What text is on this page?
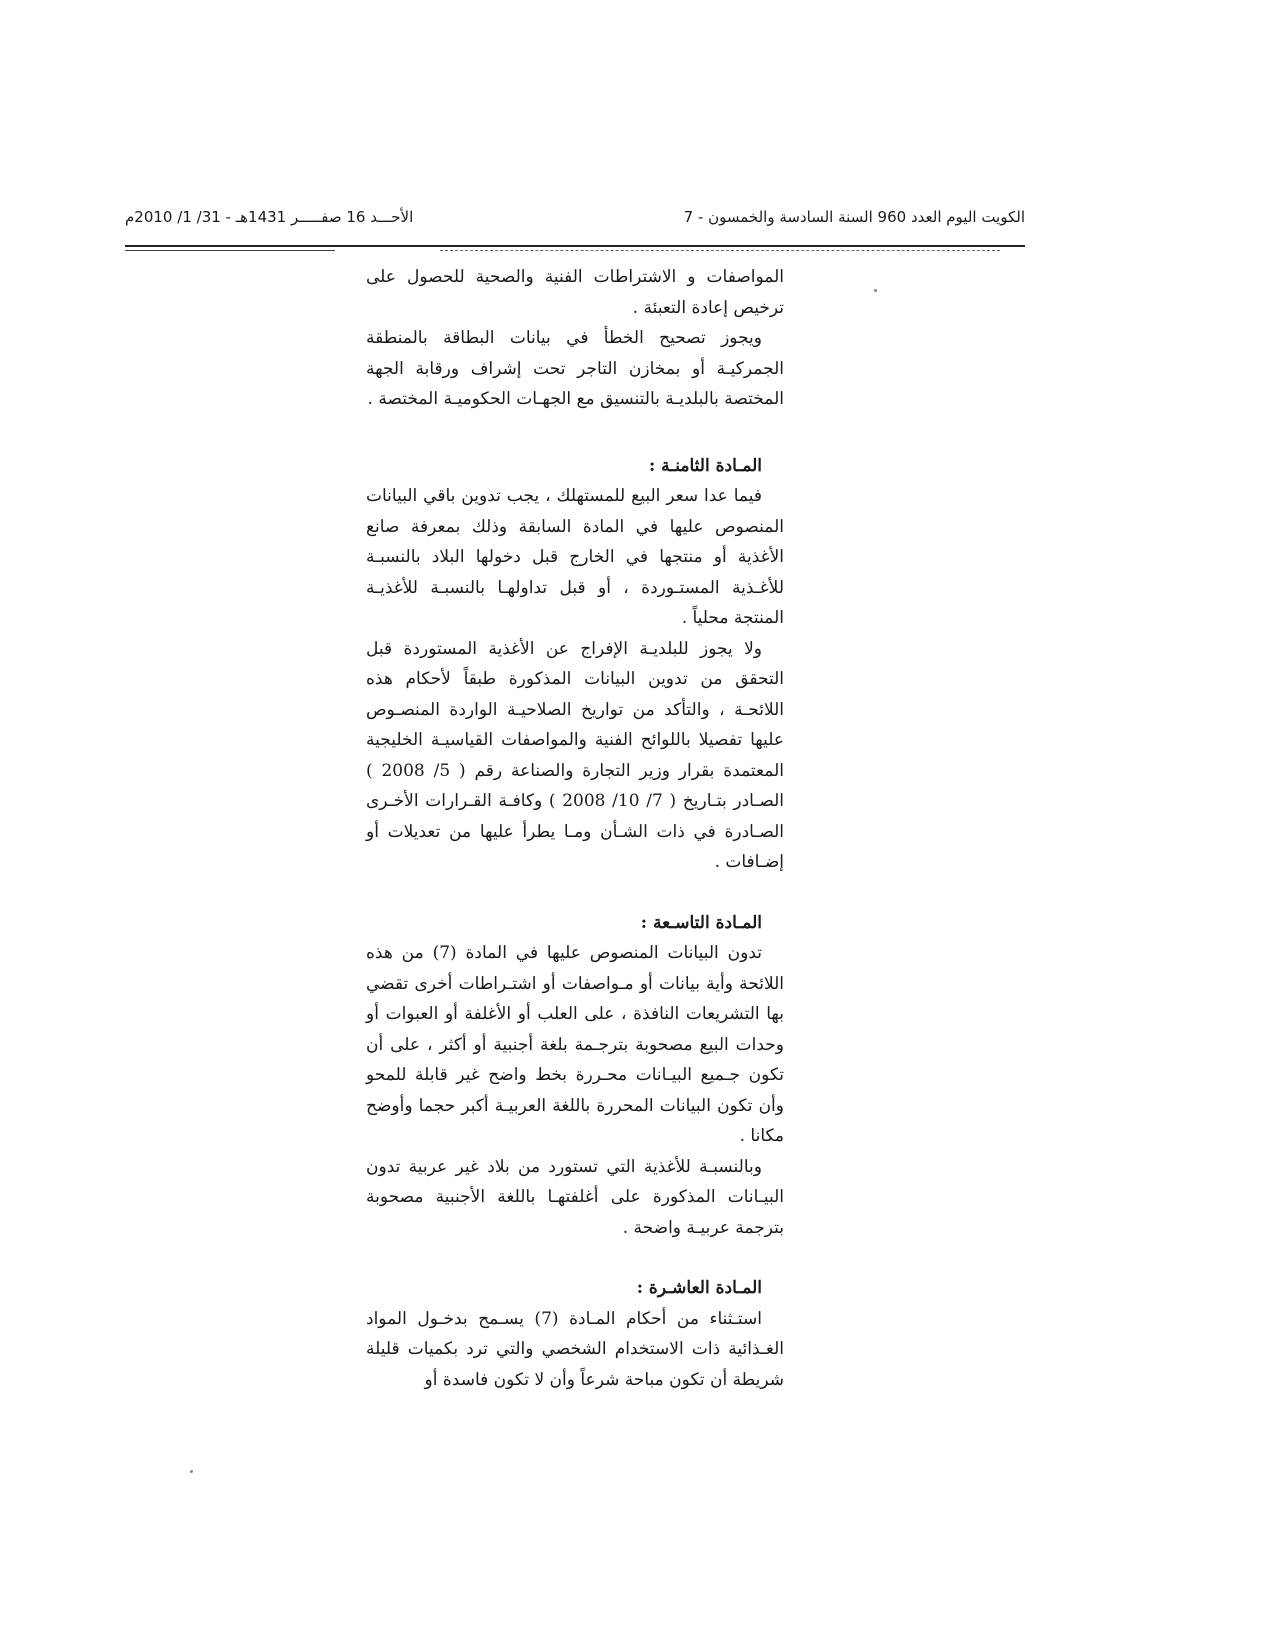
الكويت اليوم العدد 960 السنة السادسة والخمسون - 7
الأحـــد 16 صفـــــر 1431هـ - 31/ 1/ 2010م

المواصفات و الاشتراطات الفنية والصحية للحصول على ترخيص إعادة التعبئة .

ويجوز تصحيح الخطأ في بيانات البطاقة بالمنطقة الجمركيـة أو بمخازن التاجر تحت إشراف ورقابة الجهة المختصة بالبلديـة بالتنسيق مع الجهـات الحكوميـة المختصة .

المـادة الثامنـة :

فيما عدا سعر البيع للمستهلك ، يجب تدوين باقي البيانات المنصوص عليها في المادة السابقة وذلك بمعرفة صانع الأغذية أو منتجها في الخارج قبل دخولها البلاد بالنسبـة للأغـذية المستـوردة ، أو قبل تداولهـا بالنسبـة للأغذيـة المنتجة محلياً .

ولا يجوز للبلديـة الإفراج عن الأغذية المستوردة قبل التحقق من تدوين البيانات المذكورة طبقاً لأحكام هذه اللائحـة ، والتأكد من تواريخ الصلاحيـة الواردة المنصـوص عليها تفصيلا باللوائح الفنية والمواصفات القياسيـة الخليجية المعتمدة بقرار وزير التجارة والصناعة رقم ( 5/ 2008 ) الصـادر بتـاريخ ( 7/ 10/ 2008 ) وكافـة القـرارات الأخـرى الصـادرة في ذات الشـأن ومـا يطرأ عليها من تعديلات أو إضـافات .

المـادة التاسـعة :

تدون البيانات المنصوص عليها في المادة (7) من هذه اللائحة وأية بيانات أو مـواصفات أو اشتـراطات أخرى تقضي بها التشريعات النافذة ، على العلب أو الأغلفة أو العبوات أو وحدات البيع مصحوبة بترجـمة بلغة أجنبية أو أكثر ، على أن تكون جـميع البيـانات محـررة بخط واضح غير قابلة للمحو وأن تكون البيانات المحررة باللغة العربيـة أكبر حجما وأوضح مكانا .

وبالنسبـة للأغذية التي تستورد من بلاد غير عربية تدون البيـانات المذكورة على أغلفتهـا باللغة الأجنبية مصحوبة بترجمة عربيـة واضحة .

المـادة العاشـرة :

استـثناء من أحكام المـادة (7) يسـمح بدخـول المواد الغـذائية ذات الاستخدام الشخصي والتي ترد بكميات قليلة شريطة أن تكون مباحة شرعاً وأن لا تكون فاسدة أو
